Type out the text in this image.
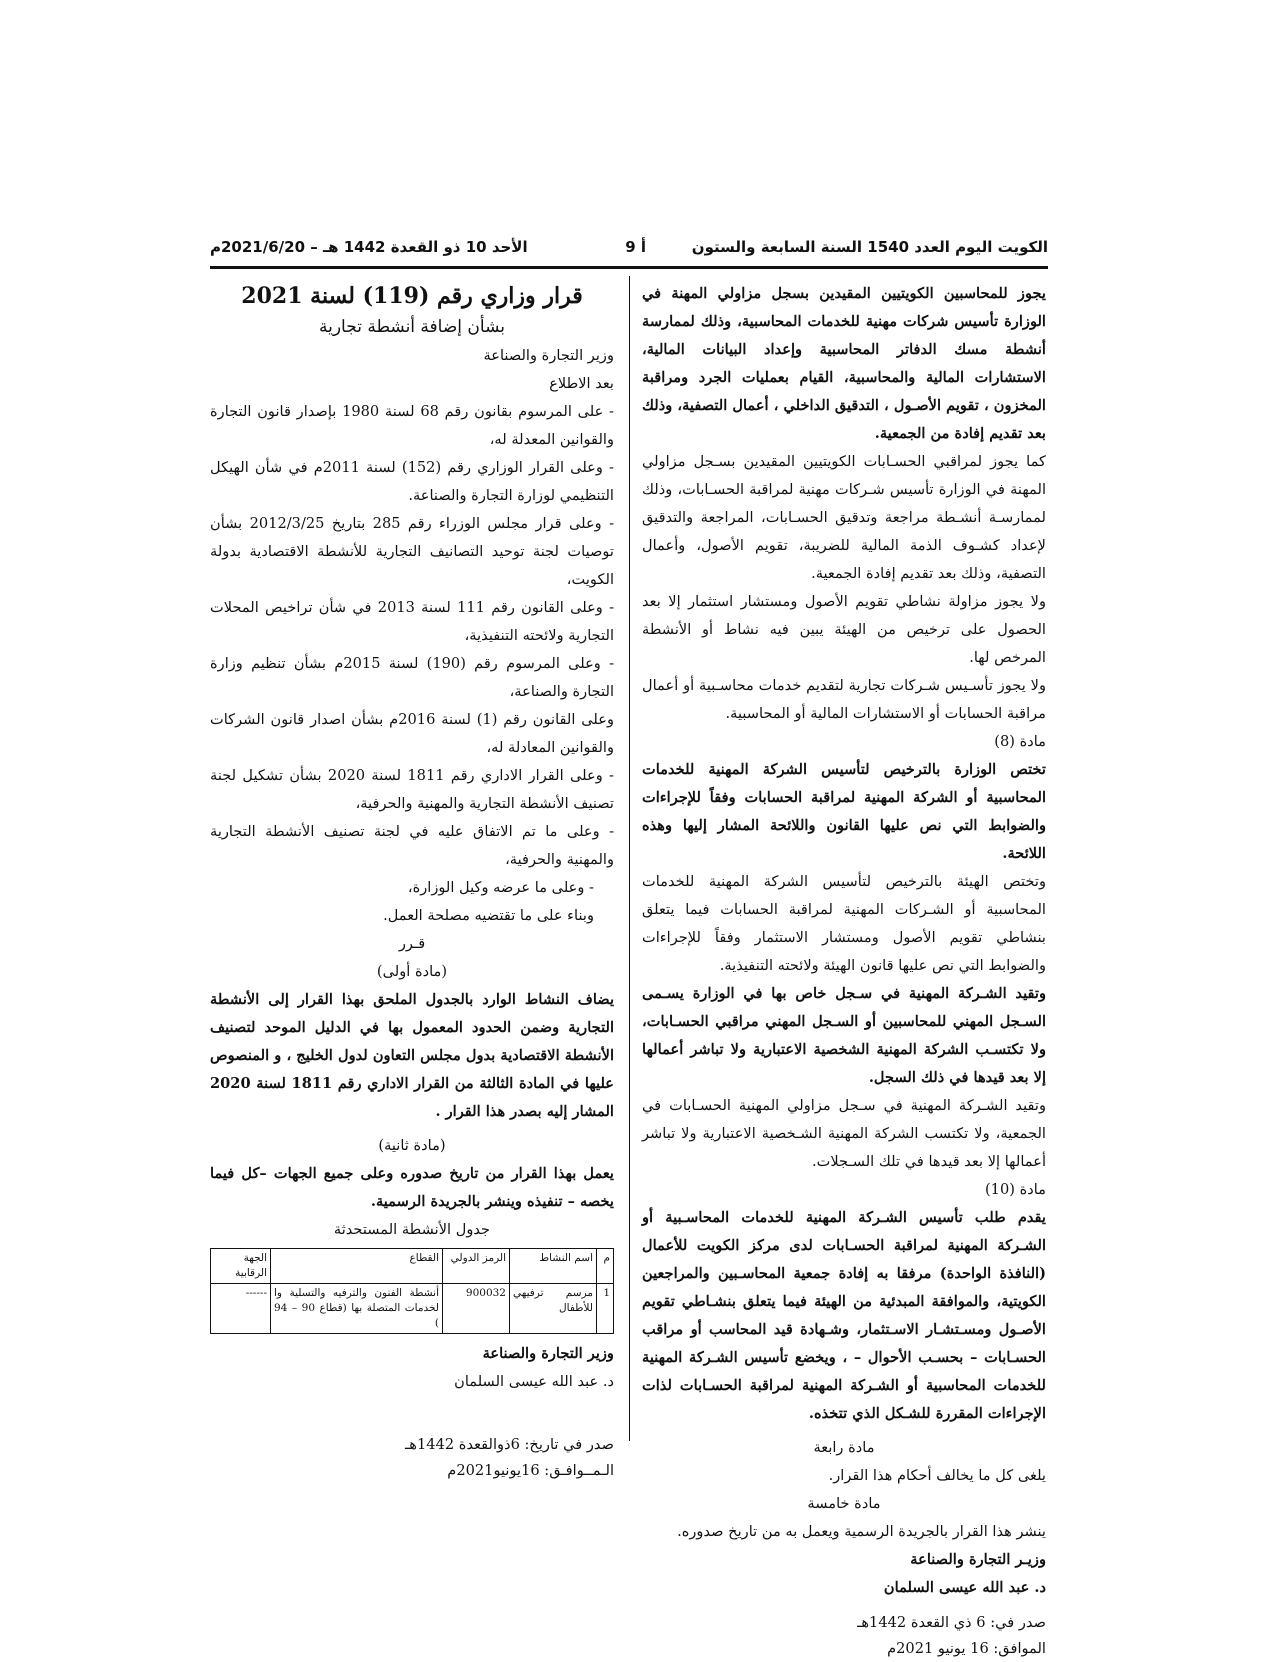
الكويت اليوم العدد 1540 السنة السابعة والستون
أ 9
الأحد 10 ذو القعدة 1442 هـ – 2021/6/20م

يجوز للمحاسبين الكويتيين المقيدين بسجل مزاولي المهنة في الوزارة تأسيس شركات مهنية للخدمات المحاسبية، وذلك لممارسة أنشطة مسك الدفاتر المحاسبية وإعداد البيانات المالية، الاستشارات المالية والمحاسبية، القيام بعمليات الجرد ومراقبة المخزون ، تقويم الأصـول ، التدقيق الداخلي ، أعمال التصفية، وذلك بعد تقديم إفادة من الجمعية.

كما يجوز لمراقبي الحسـابات الكويتيين المقيدين بسـجل مزاولي المهنة في الوزارة تأسيس شـركات مهنية لمراقبة الحسـابات، وذلك لممارسـة أنشـطة مراجعة وتدقيق الحسـابات، المراجعة والتدقيق لإعداد كشـوف الذمة المالية للضريبة، تقويم الأصول، وأعمال التصفية، وذلك بعد تقديم إفادة الجمعية.

ولا يجوز مزاولة نشاطي تقويم الأصول ومستشار استثمار إلا بعد الحصول على ترخيص من الهيئة يبين فيه نشاط أو الأنشطة المرخص لها.

ولا يجوز تأسـيس شـركات تجارية لتقديم خدمات محاسـبية أو أعمال مراقبة الحسابات أو الاستشارات المالية أو المحاسبية.

مادة (8)

تختص الوزارة بالترخيص لتأسيس الشركة المهنية للخدمات المحاسبية أو الشركة المهنية لمراقبة الحسابات وفقاً للإجراءات والضوابط التي نص عليها القانون واللائحة المشار إليها وهذه اللائحة.

وتختص الهيئة بالترخيص لتأسيس الشركة المهنية للخدمات المحاسبية أو الشـركات المهنية لمراقبة الحسابات فيما يتعلق بنشاطي تقويم الأصول ومستشار الاستثمار وفقاً للإجراءات والضوابط التي نص عليها قانون الهيئة ولائحته التنفيذية.

وتقيد الشـركة المهنية في سـجل خاص بها في الوزارة يسـمى السـجل المهني للمحاسبين أو السـجل المهني مراقبي الحسـابات، ولا تكتسـب الشركة المهنية الشخصية الاعتبارية ولا تباشر أعمالها إلا بعد قيدها في ذلك السجل.

وتقيد الشـركة المهنية في سـجل مزاولي المهنية الحسـابات في الجمعية، ولا تكتسب الشركة المهنية الشـخصية الاعتبارية ولا تباشر أعمالها إلا بعد قيدها في تلك السـجلات.

مادة (10)

يقدم طلب تأسيس الشـركة المهنية للخدمات المحاسـبية أو الشـركة المهنية لمراقبة الحسـابات لدى مركز الكويت للأعمال (النافذة الواحدة) مرفقا به إفادة جمعية المحاسـبين والمراجعين الكويتية، والموافقة المبدئية من الهيئة فيما يتعلق بنشـاطي تقويم الأصـول ومسـتشـار الاسـتثمار، وشـهادة قيد المحاسب أو مراقب الحسـابات – بحسـب الأحوال – ، ويخضع تأسيس الشـركة المهنية للخدمات المحاسبية أو الشـركة المهنية لمراقبة الحسـابات لذات الإجراءات المقررة للشـكل الذي تتخذه.

مادة رابعة

يلغى كل ما يخالف أحكام هذا القرار.

مادة خامسة

ينشر هذا القرار بالجريدة الرسمية ويعمل به من تاريخ صدوره.

وزيـر التجارة والصناعة

د. عبد الله عيسى السلمان

صدر في: 6 ذي القعدة 1442هـ

الموافق: 16 يونيو 2021م

قرار وزاري رقم (119) لسنة 2021

بشأن إضافة أنشطة تجارية

وزير التجارة والصناعة

بعد الاطلاع

- على المرسوم بقانون رقم 68 لسنة 1980 بإصدار قانون التجارة والقوانين المعدلة له،

- وعلى القرار الوزاري رقم (152) لسنة 2011م في شأن الهيكل التنظيمي لوزارة التجارة والصناعة.

- وعلى قرار مجلس الوزراء رقم 285 بتاريخ 2012/3/25 بشأن توصيات لجنة توحيد التصانيف التجارية للأنشطة الاقتصادية بدولة الكويت،

- وعلى القانون رقم 111 لسنة 2013 في شأن تراخيص المحلات التجارية ولائحته التنفيذية،

- وعلى المرسوم رقم (190) لسنة 2015م بشأن تنظيم وزارة التجارة والصناعة،

وعلى القانون رقم (1) لسنة 2016م بشأن اصدار قانون الشركات والقوانين المعادلة له،

- وعلى القرار الاداري رقم 1811 لسنة 2020 بشأن تشكيل لجنة تصنيف الأنشطة التجارية والمهنية والحرفية،

- وعلى ما تم الاتفاق عليه في لجنة تصنيف الأنشطة التجارية والمهنية والحرفية،

- وعلى ما عرضه وكيل الوزارة،

وبناء على ما تقتضيه مصلحة العمل.

قـرر

(مادة أولى)

يضاف النشاط الوارد بالجدول الملحق بهذا القرار إلى الأنشطة التجارية وضمن الحدود المعمول بها في الدليل الموحد لتصنيف الأنشطة الاقتصادية بدول مجلس التعاون لدول الخليج ، و المنصوص عليها في المادة الثالثة من القرار الاداري رقم 1811 لسنة 2020 المشار إليه بصدر هذا القرار .

(مادة ثانية)

يعمل بهذا القرار من تاريخ صدوره وعلى جميع الجهات –كل فيما يخصه – تنفيذه وينشر بالجريدة الرسمية.

جدول الأنشطة المستحدثة

م	اسم النشاط	الرمز الدولي	القطاع	الجهة الرقابية
1	مرسم ترفيهي للأطفال	900032	أنشطة الفنون والترفيه والتسلية وا لخدمات المتصلة بها (قطاع 90 – 94 )	------

وزير التجارة والصناعة

د. عبد الله عيسى السلمان

صدر في تاريخ: 6ذوالقعدة 1442هـ

الـمــوافـق: 16يونيو2021م
